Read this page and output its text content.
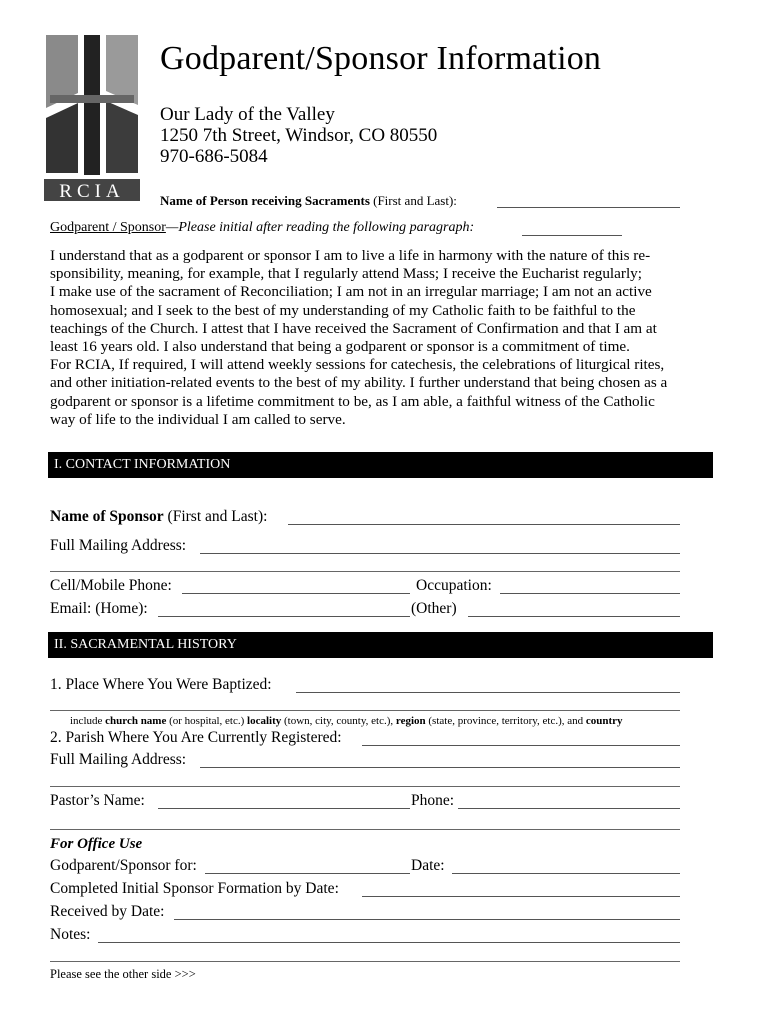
RCIA
Godparent/Sponsor Information
Our Lady of the Valley
1250 7th Street, Windsor, CO 80550
970-686-5084
Name of Person receiving Sacraments (First and Last):
Godparent / Sponsor—Please initial after reading the following paragraph:
I understand that as a godparent or sponsor I am to live a life in harmony with the nature of this re-
sponsibility, meaning, for example, that I regularly attend Mass; I receive the Eucharist regularly;
I make use of the sacrament of Reconciliation; I am not in an irregular marriage; I am not an active
homosexual; and I seek to the best of my understanding of my Catholic faith to be faithful to the
teachings of the Church. I attest that I have received the Sacrament of Confirmation and that I am at
least 16 years old. I also understand that being a godparent or sponsor is a commitment of time.
For RCIA, If required, I will attend weekly sessions for catechesis, the celebrations of liturgical rites,
and other initiation-related events to the best of my ability. I further understand that being chosen as a
godparent or sponsor is a lifetime commitment to be, as I am able, a faithful witness of the Catholic
way of life to the individual I am called to serve.
I. CONTACT INFORMATION
Name of Sponsor (First and Last):
Full Mailing Address:
Cell/Mobile Phone:	Occupation:
Email: (Home):	(Other)
II. SACRAMENTAL HISTORY
1. Place Where You Were Baptized:
include church name (or hospital, etc.) locality (town, city, county, etc.), region (state, province, territory, etc.), and country
2. Parish Where You Are Currently Registered:
Full Mailing Address:
Pastor’s Name:	Phone:
For Office Use
Godparent/Sponsor for:	Date:
Completed Initial Sponsor Formation by Date:
Received by Date:
Notes:
Please see the other side >>>
